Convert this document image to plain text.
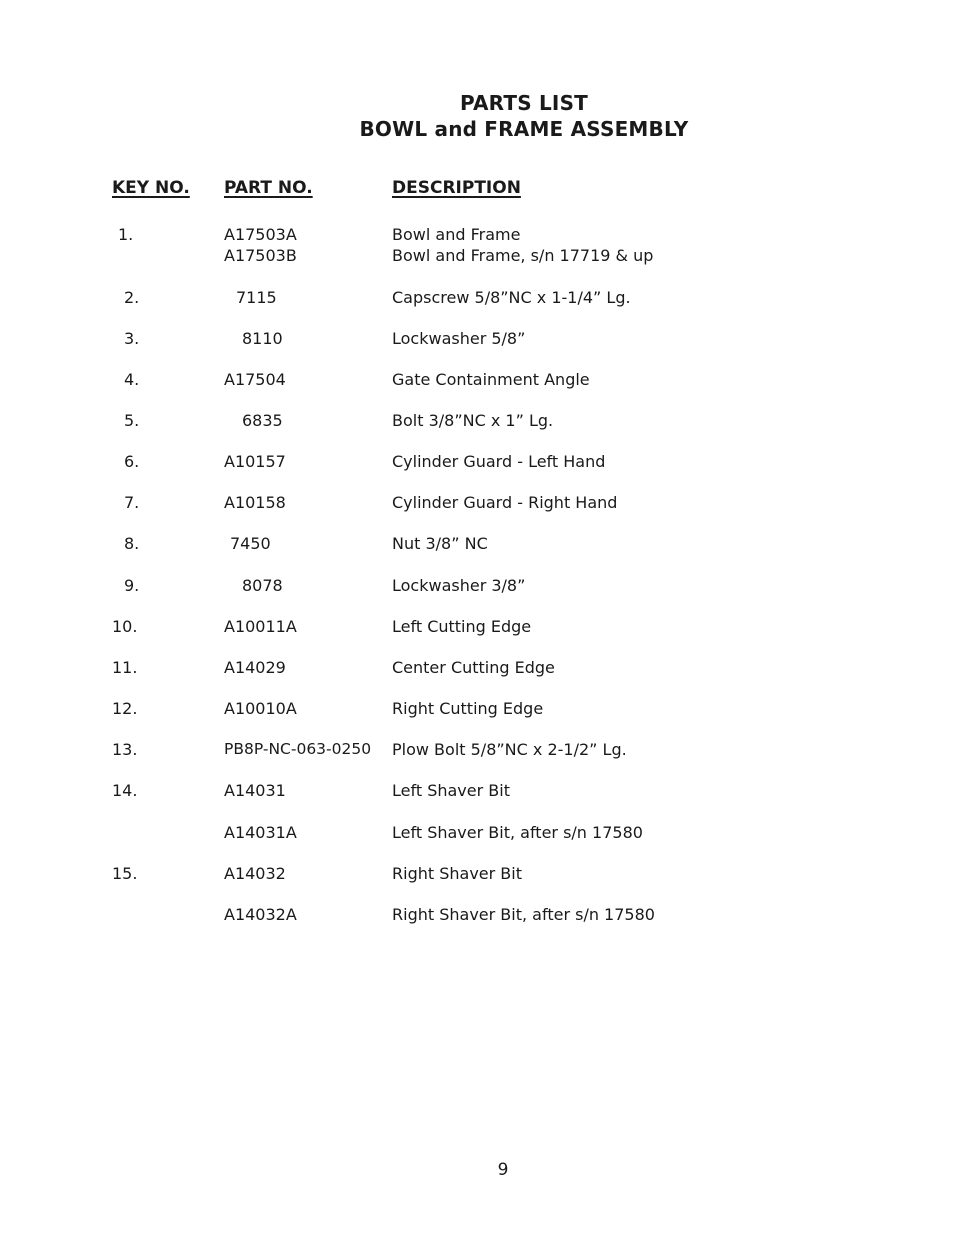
PARTS LIST
BOWL and FRAME ASSEMBLY
KEY NO. PART NO.	DESCRIPTION
1.	A17503A	Bowl and Frame
A17503B	Bowl and Frame, s/n 17719 & up
2.	7115	Capscrew 5/8”NC x 1-1/4” Lg.
3.	8110	Lockwasher 5/8”
4.	A17504	Gate Containment Angle
5.	6835	Bolt 3/8”NC x 1” Lg.
6.	A10157	Cylinder Guard - Left Hand
7.	A10158	Cylinder Guard - Right Hand
8.	7450	Nut 3/8” NC
9.	8078	Lockwasher 3/8”
10.	A10011A	Left Cutting Edge
11.	A14029	Center Cutting Edge
12.	A10010A	Right Cutting Edge
13.	PB8P-NC-063-0250 Plow Bolt 5/8”NC x 2-1/2” Lg.
14.	A14031	Left Shaver Bit
A14031A	Left Shaver Bit, after s/n 17580
15.	A14032	Right Shaver Bit
A14032A	Right Shaver Bit, after s/n 17580
9
